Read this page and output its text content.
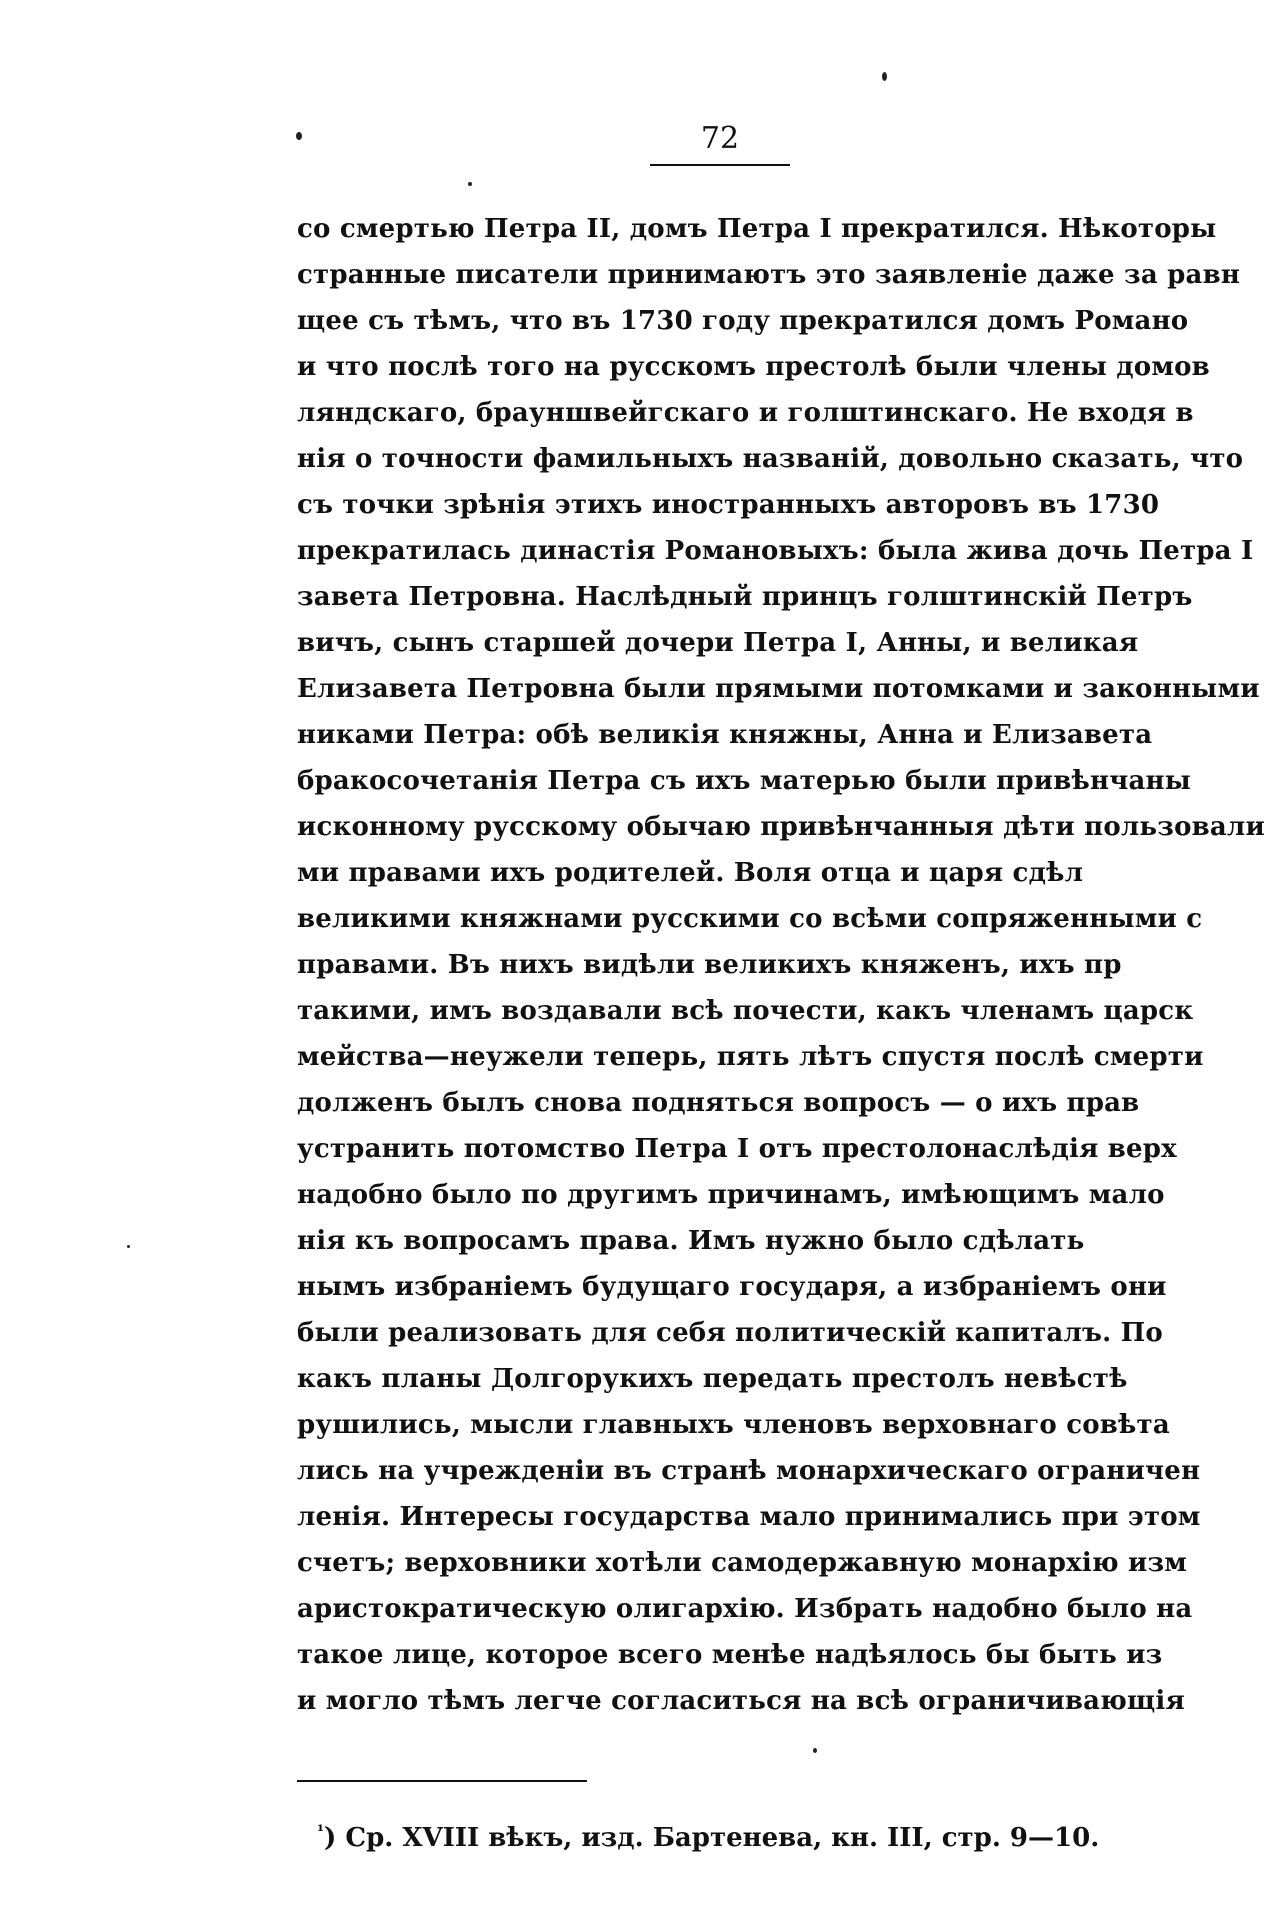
72
со смертью Петра II, домъ Петра I прекратился. Нѣкоторы
странные писатели принимаютъ это заявленіе даже за равн
щее съ тѣмъ, что въ 1730 году прекратился домъ Романо
и что послѣ того на русскомъ престолѣ были члены домов
ляндскаго, брауншвейгскаго и голштинскаго. Не входя в
нія о точности фамильныхъ названій, довольно сказать, что
съ точки зрѣнія этихъ иностранныхъ авторовъ въ 1730
прекратилась династія Романовыхъ: была жива дочь Петра I
завета Петровна. Наслѣдный принцъ голштинскій Петръ
вичъ, сынъ старшей дочери Петра I, Анны, и великая
Елизавета Петровна были прямыми потомками и законными
никами Петра: обѣ великія княжны, Анна и Елизавета
бракосочетанія Петра съ ихъ матерью были привѣнчаны
исконному русскому обычаю привѣнчанныя дѣти пользовали
ми правами ихъ родителей. Воля отца и царя сдѣл
великими княжнами русскими со всѣми сопряженными с
правами. Въ нихъ видѣли великихъ княженъ, ихъ пр
такими, имъ воздавали всѣ почести, какъ членамъ царск
мейства—неужели теперь, пять лѣтъ спустя послѣ смерти
долженъ былъ снова подняться вопросъ — о ихъ прав
устранить потомство Петра I отъ престолонаслѣдія верх
надобно было по другимъ причинамъ, имѣющимъ мало
нія къ вопросамъ права. Имъ нужно было сдѣлать
нымъ избраніемъ будущаго государя, а избраніемъ они
были реализовать для себя политическій капиталъ. По
какъ планы Долгорукихъ передать престолъ невѣстѣ
рушились, мысли главныхъ членовъ верховнаго совѣта
лись на учрежденіи въ странѣ монархическаго ограничен
ленія. Интересы государства мало принимались при этом
счетъ; верховники хотѣли самодержавную монархію изм
аристократическую олигархію. Избрать надобно было на
такое лице, которое всего менѣе надѣялось бы быть из
и могло тѣмъ легче согласиться на всѣ ограничивающія
$^{^1}$) Ср. XVIII вѣкъ, изд. Бартенева, кн. III, стр. 9—10.
